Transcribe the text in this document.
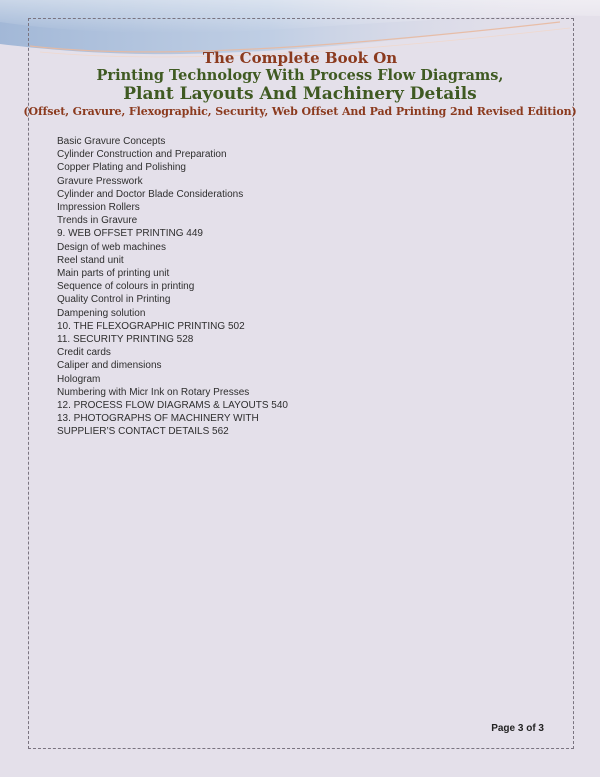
The Complete Book On
Printing Technology With Process Flow Diagrams,
Plant Layouts And Machinery Details
(Offset, Gravure, Flexographic, Security, Web Offset And Pad Printing 2nd Revised Edition)
Basic Gravure Concepts
Cylinder Construction and Preparation
Copper Plating and Polishing
Gravure Presswork
Cylinder and Doctor Blade Considerations
Impression Rollers
Trends in Gravure
9. WEB OFFSET PRINTING 449
Design of web machines
Reel stand unit
Main parts of printing unit
Sequence of colours in printing
Quality Control in Printing
Dampening solution
10. THE FLEXOGRAPHIC PRINTING 502
11. SECURITY PRINTING 528
Credit cards
Caliper and dimensions
Hologram
Numbering with Micr Ink on Rotary Presses
12. PROCESS FLOW DIAGRAMS & LAYOUTS 540
13. PHOTOGRAPHS OF MACHINERY WITH
SUPPLIER’S CONTACT DETAILS 562
Page 3 of 3
